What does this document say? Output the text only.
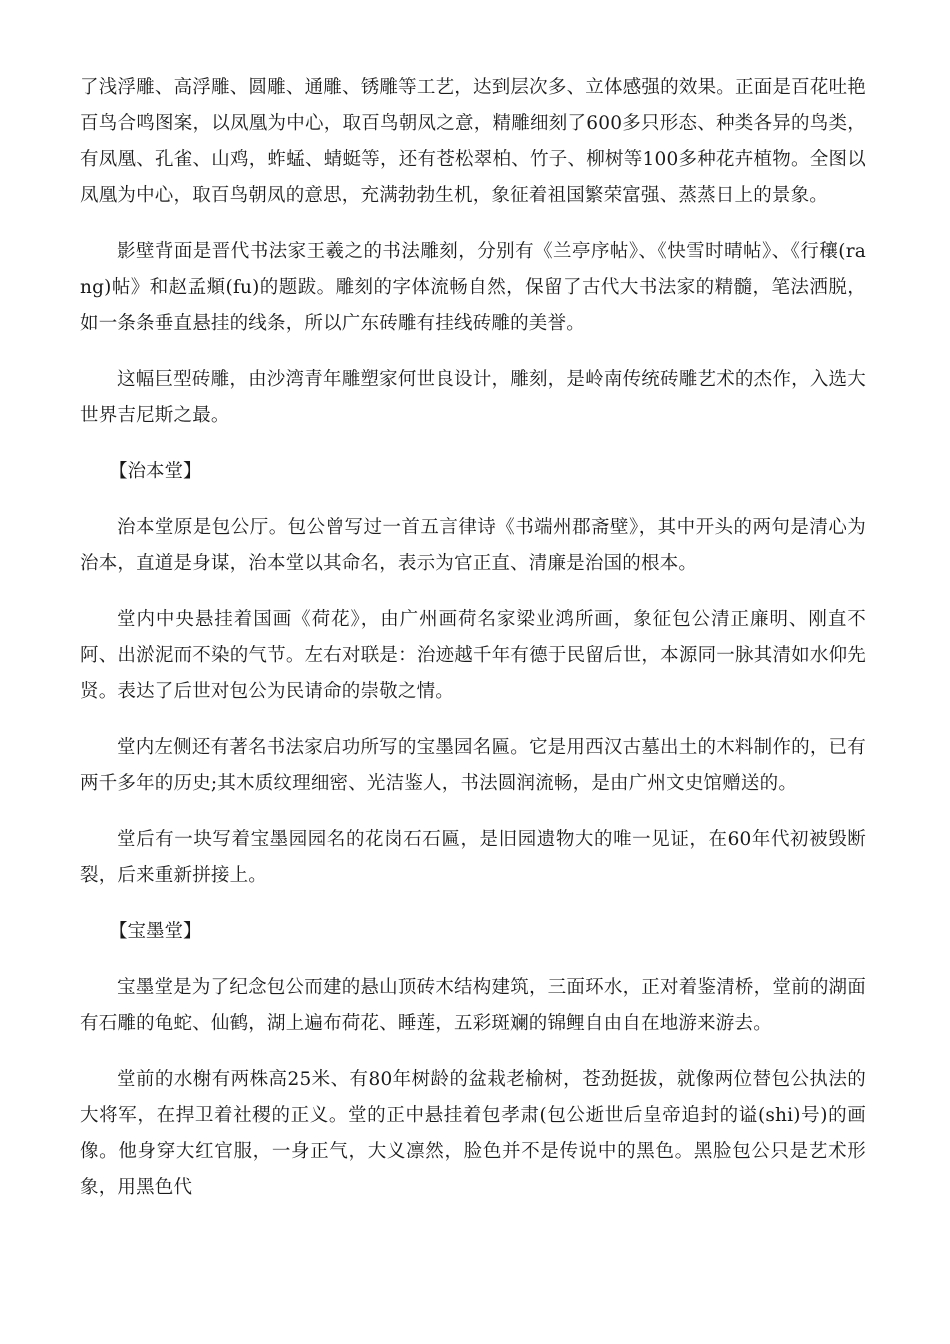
了浅浮雕、高浮雕、圆雕、通雕、锈雕等工艺，达到层次多、立体感强的效果。正面是百花吐艳百鸟合鸣图案，以凤凰为中心，取百鸟朝凤之意，精雕细刻了600多只形态、种类各异的鸟类，有凤凰、孔雀、山鸡，蚱蜢、蜻蜓等，还有苍松翠柏、竹子、柳树等100多种花卉植物。全图以凤凰为中心，取百鸟朝凤的意思，充满勃勃生机，象征着祖国繁荣富强、蒸蒸日上的景象。

影壁背面是晋代书法家王羲之的书法雕刻，分别有《兰亭序帖》、《快雪时晴帖》、《行穰(rang)帖》和赵孟頫(fu)的题跋。雕刻的字体流畅自然，保留了古代大书法家的精髓，笔法洒脱，如一条条垂直悬挂的线条，所以广东砖雕有挂线砖雕的美誉。

这幅巨型砖雕，由沙湾青年雕塑家何世良设计，雕刻，是岭南传统砖雕艺术的杰作，入选大世界吉尼斯之最。

【治本堂】

治本堂原是包公厅。包公曾写过一首五言律诗《书端州郡斋壁》，其中开头的两句是清心为治本，直道是身谋，治本堂以其命名，表示为官正直、清廉是治国的根本。

堂内中央悬挂着国画《荷花》，由广州画荷名家梁业鸿所画，象征包公清正廉明、刚直不阿、出淤泥而不染的气节。左右对联是：治迹越千年有德于民留后世，本源同一脉其清如水仰先贤。表达了后世对包公为民请命的崇敬之情。

堂内左侧还有著名书法家启功所写的宝墨园名匾。它是用西汉古墓出土的木料制作的，已有两千多年的历史;其木质纹理细密、光洁鉴人，书法圆润流畅，是由广州文史馆赠送的。

堂后有一块写着宝墨园园名的花岗石石匾，是旧园遗物大的唯一见证，在60年代初被毁断裂，后来重新拼接上。

【宝墨堂】

宝墨堂是为了纪念包公而建的悬山顶砖木结构建筑，三面环水，正对着鉴清桥，堂前的湖面有石雕的龟蛇、仙鹤，湖上遍布荷花、睡莲，五彩斑斓的锦鲤自由自在地游来游去。

堂前的水榭有两株高25米、有80年树龄的盆栽老榆树，苍劲挺拔，就像两位替包公执法的大将军，在捍卫着社稷的正义。堂的正中悬挂着包孝肃(包公逝世后皇帝追封的谥(shi)号)的画像。他身穿大红官服，一身正气，大义凛然，脸色并不是传说中的黑色。黑脸包公只是艺术形象，用黑色代
